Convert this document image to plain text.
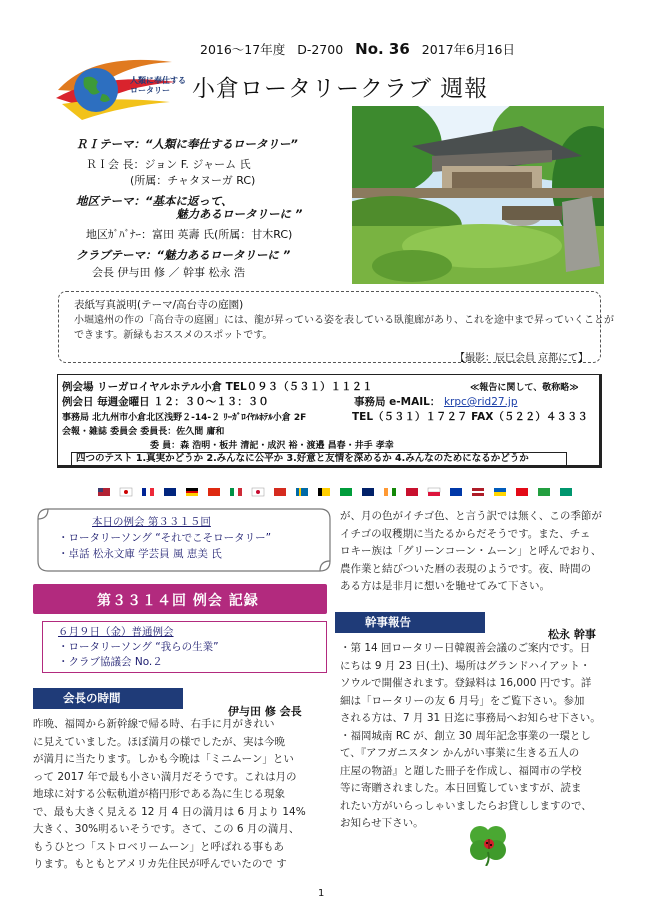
人類に奉仕するロータリー
2016～17年度 D-2700 No. 36 2017年6月16日
小倉ロータリークラブ 週報
ＲＩテーマ：“人類に奉仕するロータリー”
ＲＩ会 長：ジョン F. ジャーム 氏
(所属：チャタヌーガ RC)
地区テーマ：“基本に返って、
魅力あるロータリーに ”
地区ｶﾞﾊﾞﾅｰ：富田 英壽 氏(所属：甘木RC)
クラブテーマ：“魅力あるロータリーに ”
会長 伊与田 修 ／ 幹事 松永 浩
表紙写真説明(テーマ/高台寺の庭園)
小堀遠州の作の「高台寺の庭園」には、龍が昇っている姿を表している臥龍廊があり、これを途中まで昇っていくことが
できます。新緑もおススメのスポットです。
【撮影：辰巳会員 京都にて】
例会場 リーガロイヤルホテル小倉 TEL０９３（５３１）１１２１	≪報告に関して、敬称略≫
例会日 毎週金曜日 １２：３０～１３：３０	事務局 e-MAIL： krpc@rid27.jp
事務局 北九州市小倉北区浅野２-14-２ ﾘｰｶﾞﾛｲﾔﾙﾎﾃﾙ小倉 2F	TEL（５３１）１７２７ FAX（５２２）４３３３
会報・雑誌 委員会 委員長：佐久間 庸和
委 員：森 浩明・板井 清記・成沢 裕・渡邉 昌春・井手 孝幸
四つのテスト 1.真実かどうか 2.みんなに公平か 3.好意と友情を深めるか 4.みんなのためになるかどうか
本日の例会 第３３１５回
・ロータリーソング “それでこそロータリー”
・卓話 松永文庫 学芸員 風 恵美 氏
第３３１４回 例会 記録
６月９日（金）普通例会
・ロータリーソング “我らの生業”
・クラブ協議会 No.２
会長の時間
伊与田 修 会長
昨晩、福岡から新幹線で帰る時、右手に月がきれい
に見えていました。ほぼ満月の様でしたが、実は今晩
が満月に当たります。しかも今晩は「ミニムーン」とい
って 2017 年で最も小さい満月だそうです。これは月の
地球に対する公転軌道が楕円形である為に生じる現象
で、最も大きく見える 12 月 4 日の満月は 6 月より 14%
大きく、30%明るいそうです。さて、この 6 月の満月、
もうひとつ「ストロベリームーン」と呼ばれる事もあ
ります。もともとアメリカ先住民が呼んでいたので す
が、月の色がイチゴ色、と言う訳では無く、この季節が
イチゴの収穫期に当たるからだそうです。また、チェ
ロキー族は「グリーンコーン・ムーン」と呼んでおり、
農作業と結びついた暦の表現のようです。夜、時間の
ある方は是非月に想いを馳せてみて下さい。
幹事報告
松永 幹事
・第 14 回ロータリー日韓親善会議のご案内です。日
にちは 9 月 23 日(土)、場所はグランドハイアット・
ソウルで開催されます。登録料は 16,000 円です。詳
細は「ロータリーの友 6 月号」をご覧下さい。参加
される方は、7 月 31 日迄に事務局へお知らせ下さい。
・福岡城南 RC が、創立 30 周年記念事業の一環とし
て、『アフガニスタン かんがい事業に生きる五人の
庄屋の物語』と題した冊子を作成し、福岡市の学校
等に寄贈されました。本日回覧していますが、読ま
れたい方がいらっしゃいましたらお貸ししますので、
お知らせ下さい。
1
